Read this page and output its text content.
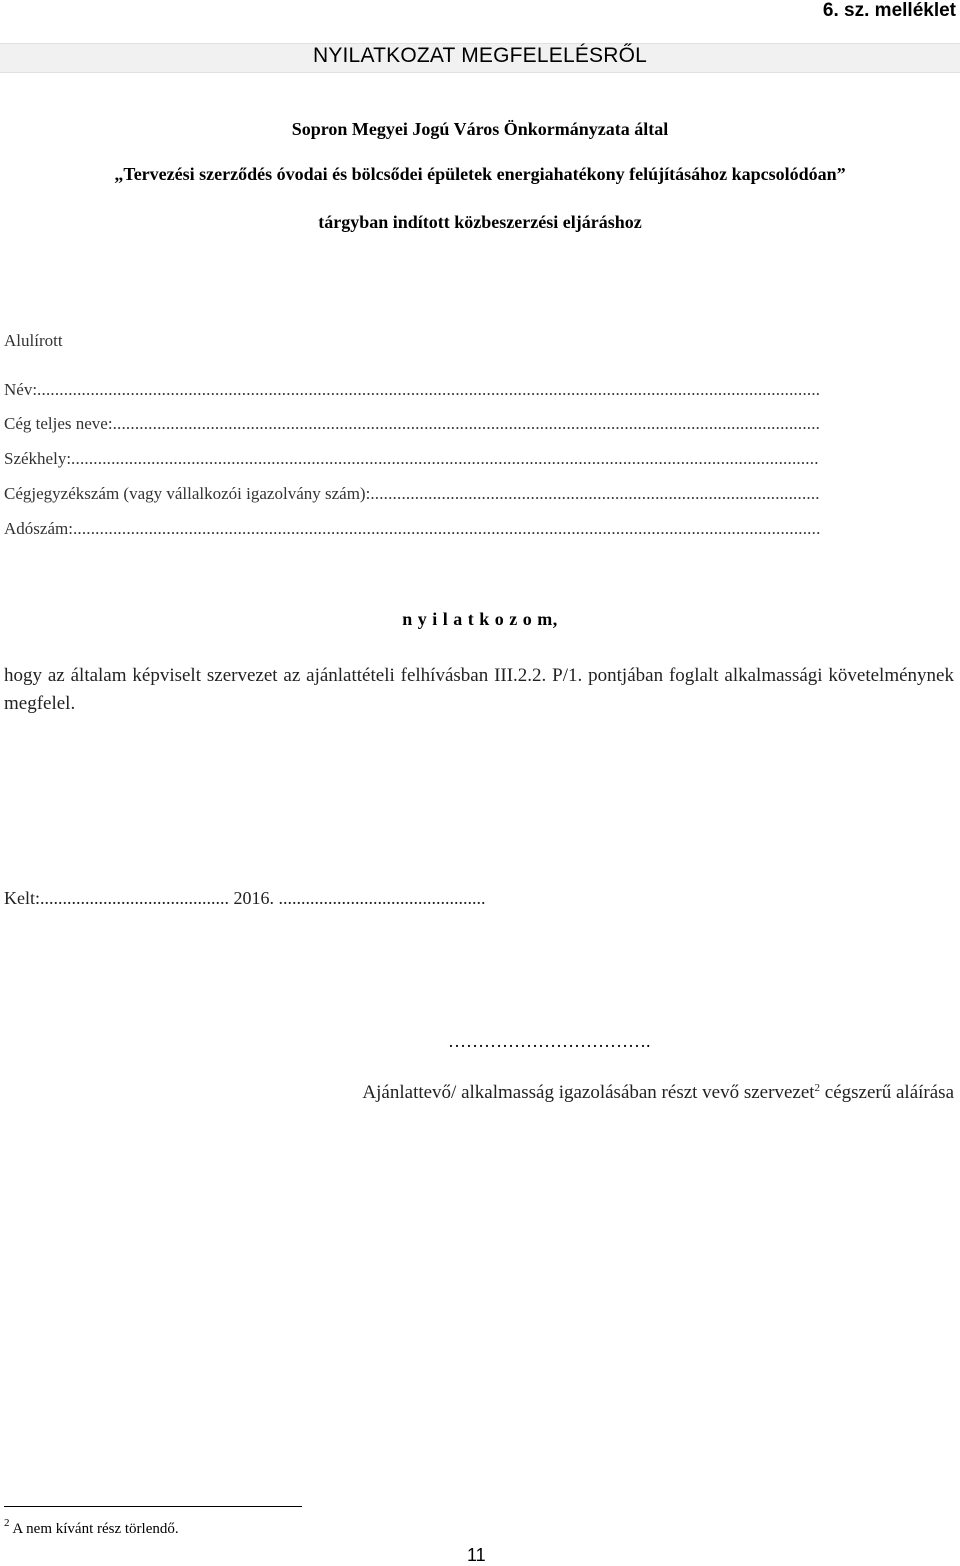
6. sz. melléklet
NYILATKOZAT MEGFELELÉSRŐL
Sopron Megyei Jogú Város Önkormányzata által
„Tervezési szerződés óvodai és bölcsődei épületek energiahatékony felújításához kapcsolódóan”
tárgyban indított közbeszerzési eljáráshoz
Alulírott
Név:................................................................................................................................................................................
Cég teljes neve:...............................................................................................................................................................
Székhely:........................................................................................................................................................................
Cégjegyzékszám (vagy vállalkozói igazolvány szám):.....................................................................................................
Adószám:........................................................................................................................................................................
n y i l a t k o z o m,
hogy az általam képviselt szervezet az ajánlattételi felhívásban III.2.2. P/1. pontjában foglalt alkalmassági követelménynek megfelel.
Kelt:.......................................... 2016. ..............................................
…………………………….
Ajánlattevő/ alkalmasság igazolásában részt vevő szervezet$^2$ cégszerű aláírása
$^2$ A nem kívánt rész törlendő.
11
